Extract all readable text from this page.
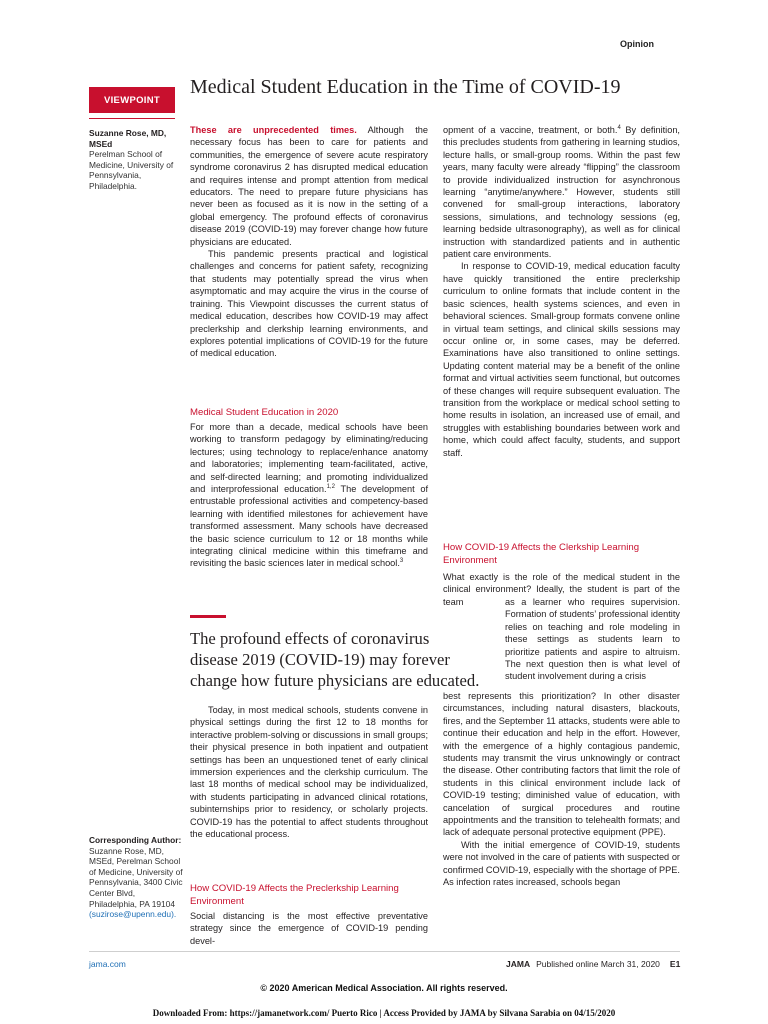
Opinion
VIEWPOINT
Medical Student Education in the Time of COVID-19
Suzanne Rose, MD, MSEd
Perelman School of Medicine, University of Pennsylvania, Philadelphia.

These are unprecedented times. Although the necessary focus has been to care for patients and communities, the emergence of severe acute respiratory syndrome coronavirus 2 has disrupted medical education and requires intense and prompt attention from medical educators. The need to prepare future physicians has never been as focused as it is now in the setting of a global emergency. The profound effects of coronavirus disease 2019 (COVID-19) may forever change how future physicians are educated.

This pandemic presents practical and logistical challenges and concerns for patient safety, recognizing that students may potentially spread the virus when asymptomatic and may acquire the virus in the course of training. This Viewpoint discusses the current status of medical education, describes how COVID-19 may affect preclerkship and clerkship learning environments, and explores potential implications of COVID-19 for the future of medical education.

Medical Student Education in 2020

For more than a decade, medical schools have been working to transform pedagogy by eliminating/reducing lectures; using technology to replace/enhance anatomy and laboratories; implementing team-facilitated, active, and self-directed learning; and promoting individualized and interprofessional education.$^{1,2}$ The development of entrustable professional activities and competency-based learning with identified milestones for achievement have transformed assessment. Many schools have decreased the basic science curriculum to 12 or 18 months while integrating clinical medicine within this timeframe and revisiting the basic sciences later in medical school.$^3$

The profound effects of coronavirus disease 2019 (COVID-19) may forever change how future physicians are educated.

Today, in most medical schools, students convene in physical settings during the first 12 to 18 months for interactive problem-solving or discussions in small groups; their physical presence in both inpatient and outpatient settings has been an unquestioned tenet of early clinical immersion experiences and the clerkship curriculum. The last 18 months of medical school may be individualized, with students participating in advanced clinical rotations, subinternships prior to residency, or scholarly projects. COVID-19 has the potential to affect students throughout the educational process.

How COVID-19 Affects the Preclerkship Learning Environment

Social distancing is the most effective preventative strategy since the emergence of COVID-19 pending devel-

opment of a vaccine, treatment, or both.$^4$ By definition, this precludes students from gathering in learning studios, lecture halls, or small-group rooms. Within the past few years, many faculty were already “flipping” the classroom to provide individualized instruction for asynchronous learning “anytime/anywhere.” However, students still convened for small-group interactions, laboratory sessions, simulations, and technology sessions (eg, learning bedside ultrasonography), as well as for clinical instruction with standardized patients and in authentic patient care environments.

In response to COVID-19, medical education faculty have quickly transitioned the entire preclerkship curriculum to online formats that include content in the basic sciences, health systems sciences, and even in behavioral sciences. Small-group formats convene online in virtual team settings, and clinical skills sessions may occur online or, in some cases, may be deferred. Examinations have also transitioned to online settings. Updating content material may be a benefit of the online format and virtual activities seem functional, but outcomes of these changes will require subsequent evaluation. The transition from the workplace or medical school setting to home results in isolation, an increased use of email, and struggles with establishing boundaries between work and home, which could affect faculty, students, and support staff.

How COVID-19 Affects the Clerkship Learning Environment

What exactly is the role of the medical student in the clinical environment? Ideally, the student is part of the team	as a learner who requires supervision. Formation of students’ professional identity relies on teaching and role modeling in these settings as students learn to prioritize patients and aspire to altruism. The next question then is what level of student involvement during a crisis

best represents this prioritization? In other disaster circumstances, including natural disasters, blackouts, fires, and the September 11 attacks, students were able to continue their education and help in the effort. However, with the emergence of a highly contagious pandemic, students may transmit the virus unknowingly or contract the disease. Other contributing factors that limit the role of students in this clinical environment include lack of COVID-19 testing; diminished value of education, with cancelation of surgical procedures and routine appointments and the transition to telehealth formats; and lack of adequate personal protective equipment (PPE).

With the initial emergence of COVID-19, students were not involved in the care of patients with suspected or confirmed COVID-19, especially with the shortage of PPE. As infection rates increased, schools began

Corresponding Author: Suzanne Rose, MD, MSEd, Perelman School of Medicine, University of Pennsylvania, 3400 Civic Center Blvd, Philadelphia, PA 19104 (suzirose@upenn.edu).
jama.com	JAMA Published online March 31, 2020 E1
© 2020 American Medical Association. All rights reserved.
Downloaded From: https://jamanetwork.com/ Puerto Rico | Access Provided by JAMA by Silvana Sarabia on 04/15/2020
